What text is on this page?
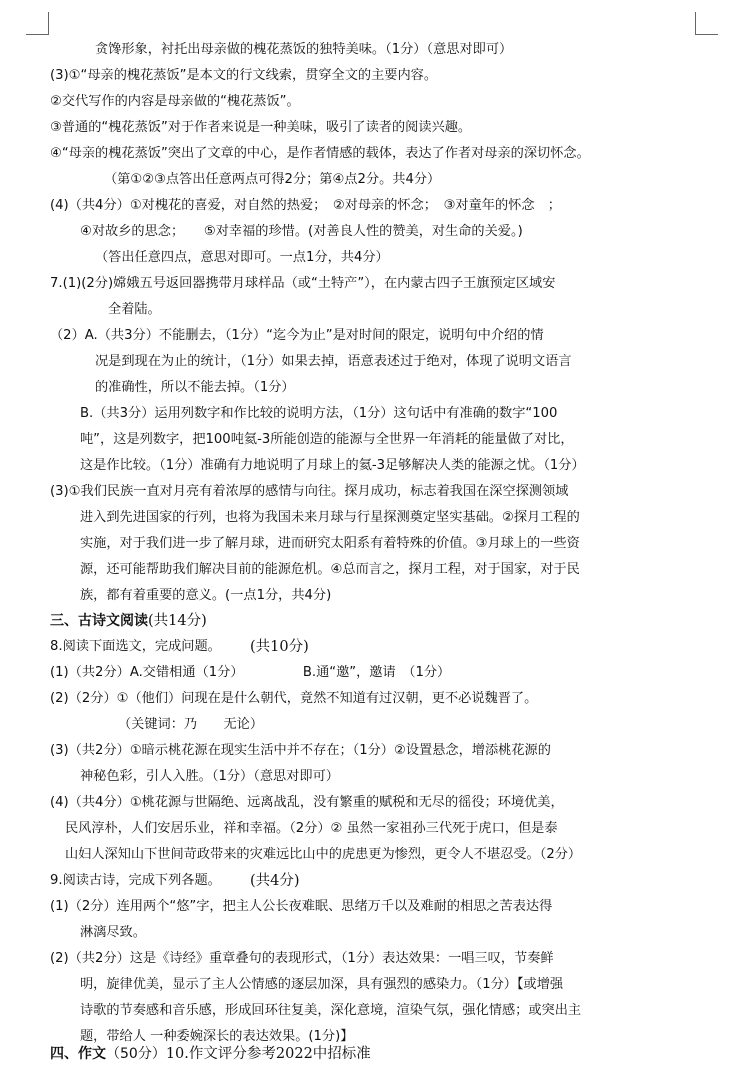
贪馋形象，衬托出母亲做的槐花蒸饭的独特美味。（1分）（意思对即可）
(3)①“母亲的槐花蒸饭”是本文的行文线索，贯穿全文的主要内容。
②交代写作的内容是母亲做的“槐花蒸饭”。
③普通的“槐花蒸饭”对于作者来说是一种美味，吸引了读者的阅读兴趣。
④“母亲的槐花蒸饭”突出了文章的中心，是作者情感的载体，表达了作者对母亲的深切怀念。
（第①②③点答出任意两点可得2分；第④点2分。共4分）
(4)（共4分）①对槐花的喜爱，对自然的热爱；　②对母亲的怀念；　③对童年的怀念　；
④对故乡的思念；　　⑤对幸福的珍惜。(对善良人性的赞美，对生命的关爱。)
（答出任意四点，意思对即可。一点1分，共4分）
7.(1)(2分)嫦娥五号返回器携带月球样品（或“土特产”），在内蒙古四子王旗预定区域安
全着陆。
（2）A.（共3分）不能删去，（1分）“迄今为止”是对时间的限定，说明句中介绍的情
况是到现在为止的统计，（1分）如果去掉，语意表述过于绝对，体现了说明文语言
的准确性，所以不能去掉。（1分）
B.（共3分）运用列数字和作比较的说明方法，（1分）这句话中有准确的数字“100
吨”，这是列数字，把100吨氦-3所能创造的能源与全世界一年消耗的能量做了对比，
这是作比较。（1分）准确有力地说明了月球上的氦-3足够解决人类的能源之忧。（1分）
(3)①我们民族一直对月亮有着浓厚的感情与向往。探月成功，标志着我国在深空探测领域
进入到先进国家的行列，也将为我国未来月球与行星探测奠定坚实基础。②探月工程的
实施，对于我们进一步了解月球，进而研究太阳系有着特殊的价值。③月球上的一些资
源，还可能帮助我们解决目前的能源危机。④总而言之，探月工程，对于国家，对于民
族，都有着重要的意义。(一点1分，共4分)
8.阅读下面选文，完成问题。
(1)（共2分）A.交错相通（1分）　　　　　B.通“邀”，邀请　（1分）
(2)（2分）①（他们）问现在是什么朝代，竟然不知道有过汉朝，更不必说魏晋了。
（关键词：乃　　无论）
(3)（共2分）①暗示桃花源在现实生活中并不存在；（1分）②设置悬念，增添桃花源的
神秘色彩，引人入胜。（1分）（意思对即可）
(4)（共4分）①桃花源与世隔绝、远离战乱，没有繁重的赋税和无尽的徭役；环境优美，
民风淳朴，人们安居乐业，祥和幸福。（2分）② 虽然一家祖孙三代死于虎口，但是泰
山妇人深知山下世间苛政带来的灾难远比山中的虎患更为惨烈，更令人不堪忍受。（2分）
9.阅读古诗，完成下列各题。
(1)（2分）连用两个“悠”字，把主人公长夜难眠、思绪万千以及难耐的相思之苦表达得
淋漓尽致。
(2)（共2分）这是《诗经》重章叠句的表现形式，（1分）表达效果：一唱三叹，节奏鲜
明，旋律优美，显示了主人公情感的逐层加深，具有强烈的感染力。（1分）【或增强
诗歌的节奏感和音乐感，形成回环往复美，深化意境，渲染气氛，强化情感；或突出主
题，带给人 一种委婉深长的表达效果。(1分)】
三、古诗文阅读(共14分)
(共10分)
(共4分)
四、作文（50分）10.作文评分参考2022中招标准
